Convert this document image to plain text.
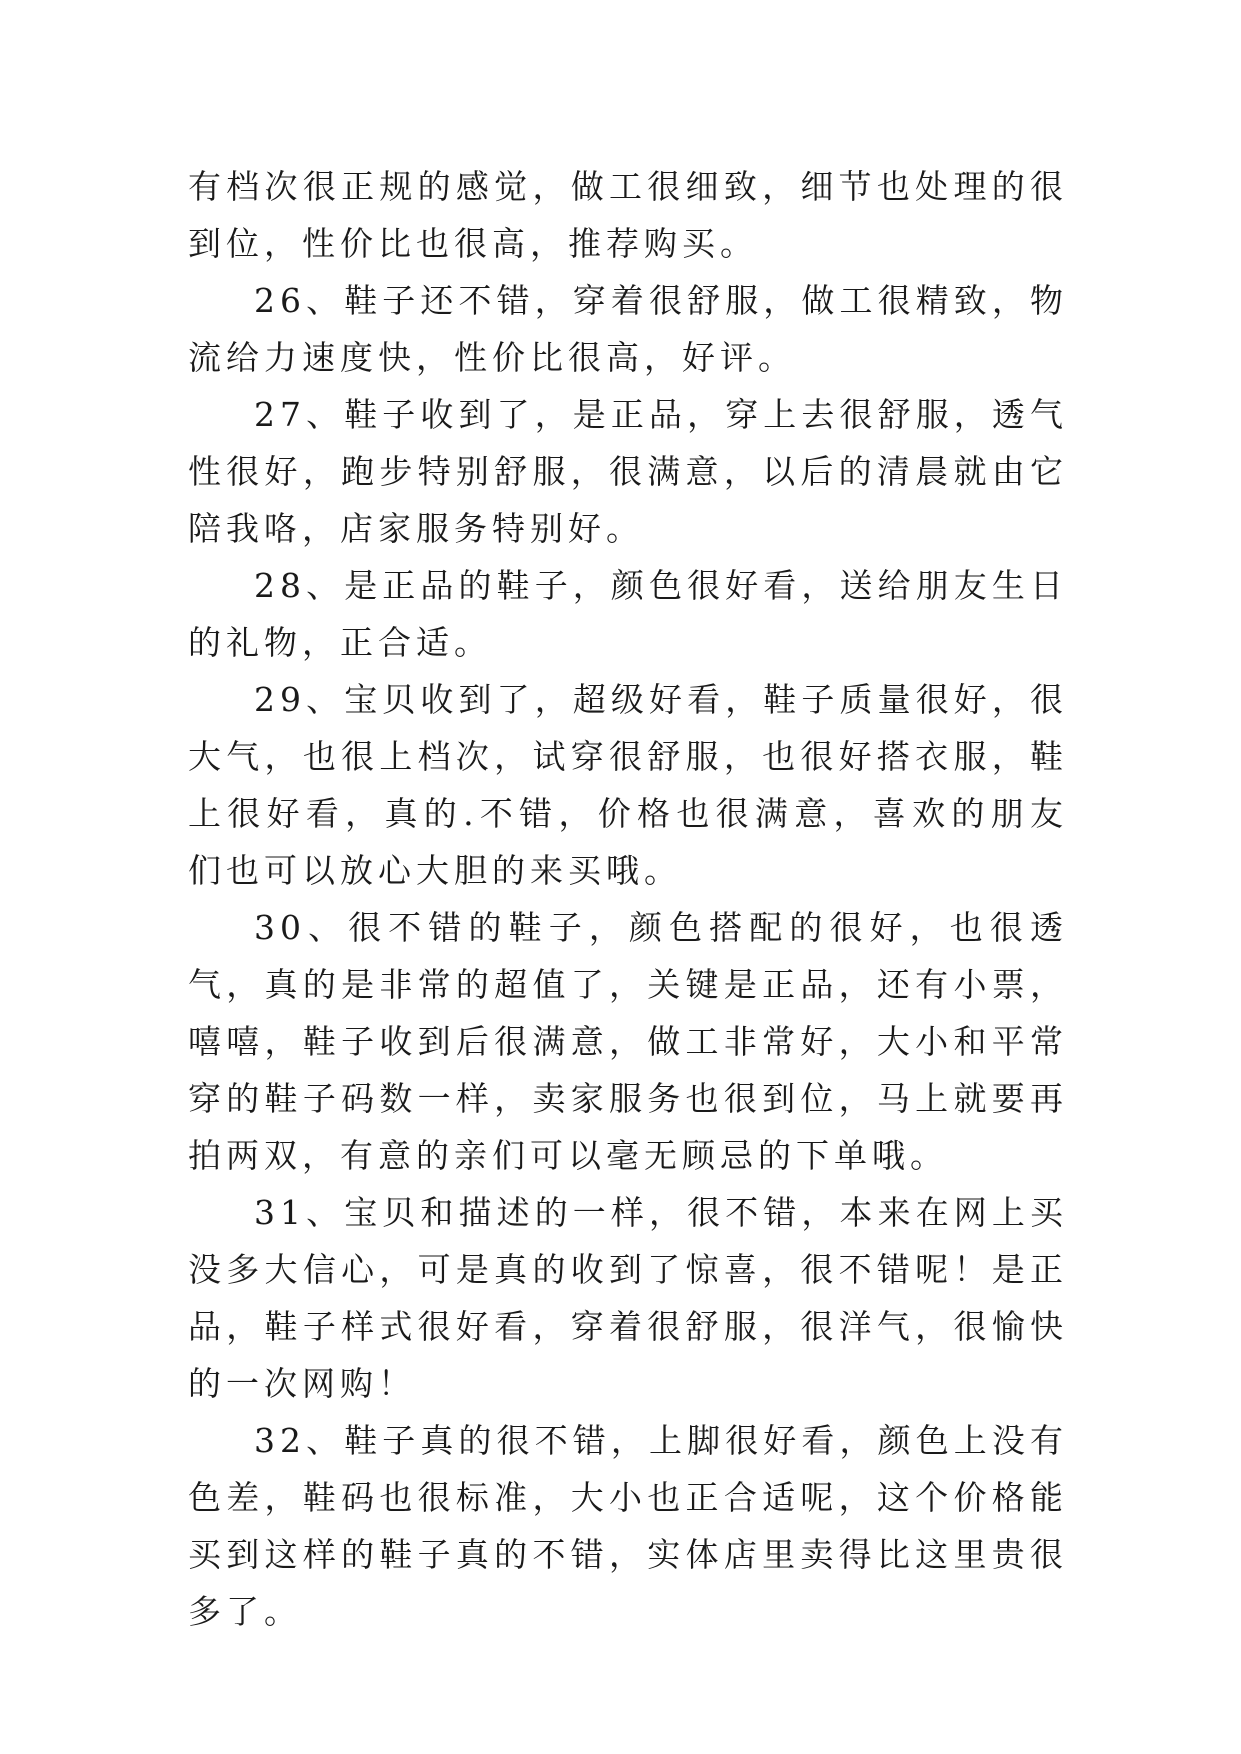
有档次很正规的感觉，做工很细致，细节也处理的很到位，性价比也很高，推荐购买。

26、鞋子还不错，穿着很舒服，做工很精致，物流给力速度快，性价比很高，好评。

27、鞋子收到了，是正品，穿上去很舒服，透气性很好，跑步特别舒服，很满意，以后的清晨就由它陪我咯，店家服务特别好。

28、是正品的鞋子，颜色很好看，送给朋友生日的礼物，正合适。

29、宝贝收到了，超级好看，鞋子质量很好，很大气，也很上档次，试穿很舒服，也很好搭衣服，鞋上很好看，真的.不错，价格也很满意，喜欢的朋友们也可以放心大胆的来买哦。

30、很不错的鞋子，颜色搭配的很好，也很透气，真的是非常的超值了，关键是正品，还有小票，嘻嘻，鞋子收到后很满意，做工非常好，大小和平常穿的鞋子码数一样，卖家服务也很到位，马上就要再拍两双，有意的亲们可以毫无顾忌的下单哦。

31、宝贝和描述的一样，很不错，本来在网上买没多大信心，可是真的收到了惊喜，很不错呢！是正品，鞋子样式很好看，穿着很舒服，很洋气，很愉快的一次网购！

32、鞋子真的很不错，上脚很好看，颜色上没有色差，鞋码也很标准，大小也正合适呢，这个价格能买到这样的鞋子真的不错，实体店里卖得比这里贵很多了。
